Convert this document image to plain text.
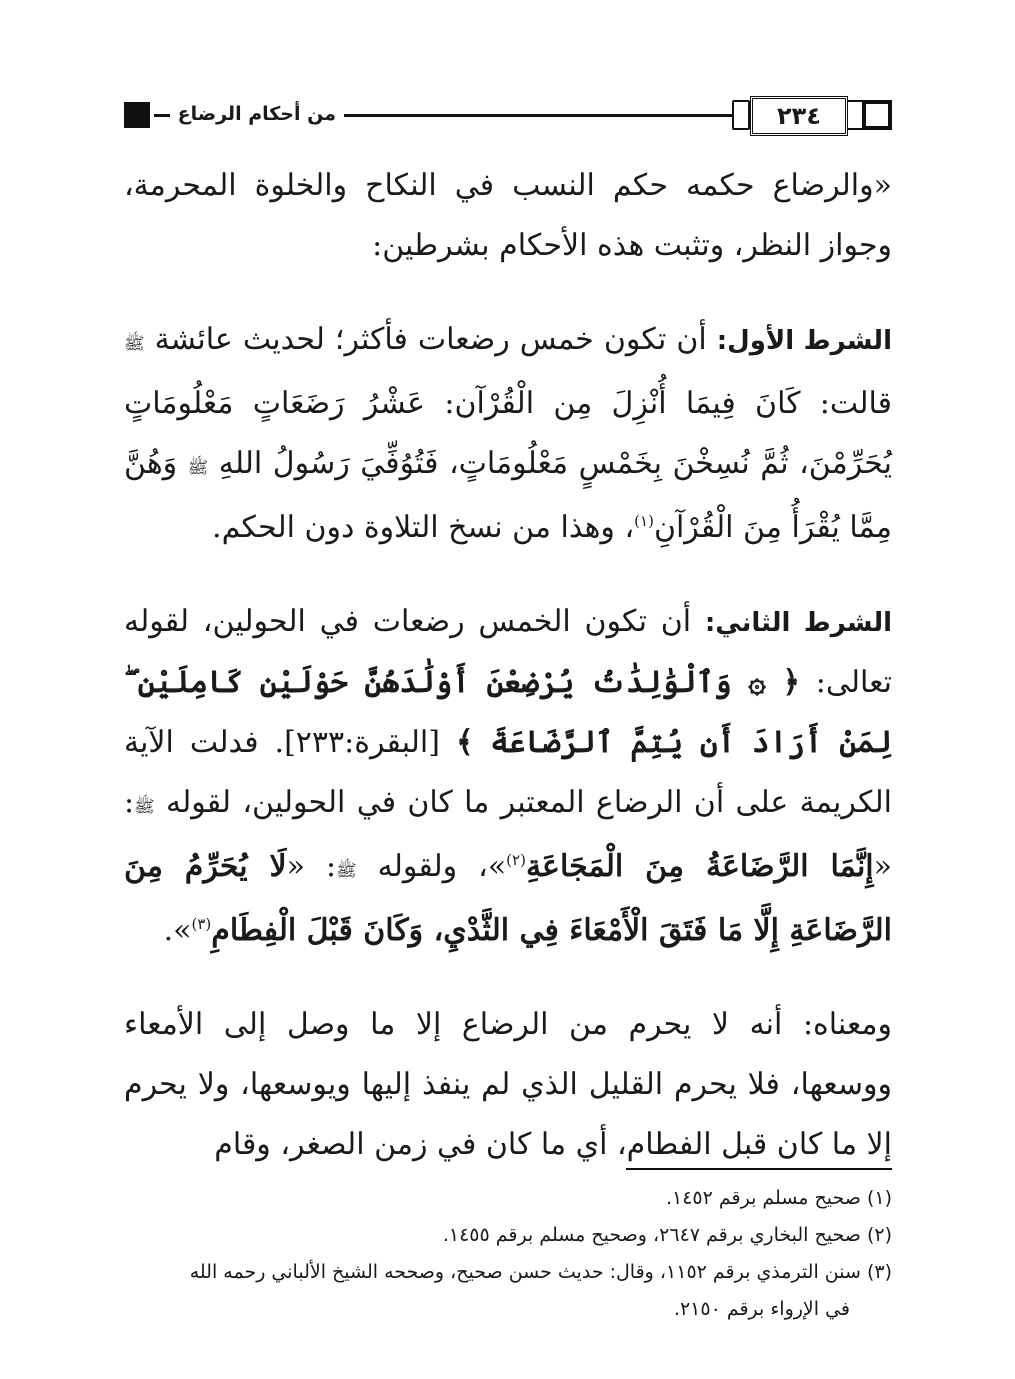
٢٣٤
من أحكام الرضاع

«والرضاع حكمه حكم النسب في النكاح والخلوة المحرمة، وجواز النظر، وتثبت هذه الأحكام بشرطين:

الشرط الأول: أن تكون خمس رضعات فأكثر؛ لحديث عائشة ﷺ قالت: كَانَ فِيمَا أُنْزِلَ مِن الْقُرْآن: عَشْرُ رَضَعَاتٍ مَعْلُومَاتٍ يُحَرِّمْنَ، ثُمَّ نُسِخْنَ بِخَمْسٍ مَعْلُومَاتٍ، فَتُوُفِّيَ رَسُولُ اللهِ ﷺ وَهُنَّ مِمَّا يُقْرَأُ مِنَ الْقُرْآنِ$^{(١)}$، وهذا من نسخ التلاوة دون الحكم.

الشرط الثاني: أن تكون الخمس رضعات في الحولين، لقوله تعالى: ﴿ ۞ وَٱلْوَٰلِدَٰتُ يُرْضِعْنَ أَوْلَٰدَهُنَّ حَوْلَيْنِ كَامِلَيْنِ ۖ لِمَنْ أَرَادَ أَن يُتِمَّ ٱلرَّضَاعَةَ ﴾ [البقرة:٢٣٣]. فدلت الآية الكريمة على أن الرضاع المعتبر ما كان في الحولين، لقوله ﷺ: «إِنَّمَا الرَّضَاعَةُ مِنَ الْمَجَاعَةِ$^{(٢)}$»، ولقوله ﷺ: «لَا يُحَرِّمُ مِنَ الرَّضَاعَةِ إِلَّا مَا فَتَقَ الْأَمْعَاءَ فِي الثَّدْيِ، وَكَانَ قَبْلَ الْفِطَامِ$^{(٣)}$».

ومعناه: أنه لا يحرم من الرضاع إلا ما وصل إلى الأمعاء ووسعها، فلا يحرم القليل الذي لم ينفذ إليها ويوسعها، ولا يحرم إلا ما كان قبل الفطام، أي ما كان في زمن الصغر، وقام

(١) صحيح مسلم برقم ١٤٥٢.

(٢) صحيح البخاري برقم ٢٦٤٧، وصحيح مسلم برقم ١٤٥٥.

(٣) سنن الترمذي برقم ١١٥٢، وقال: حديث حسن صحيح، وصححه الشيخ الألباني رحمه الله
في الإرواء برقم ٢١٥٠.
